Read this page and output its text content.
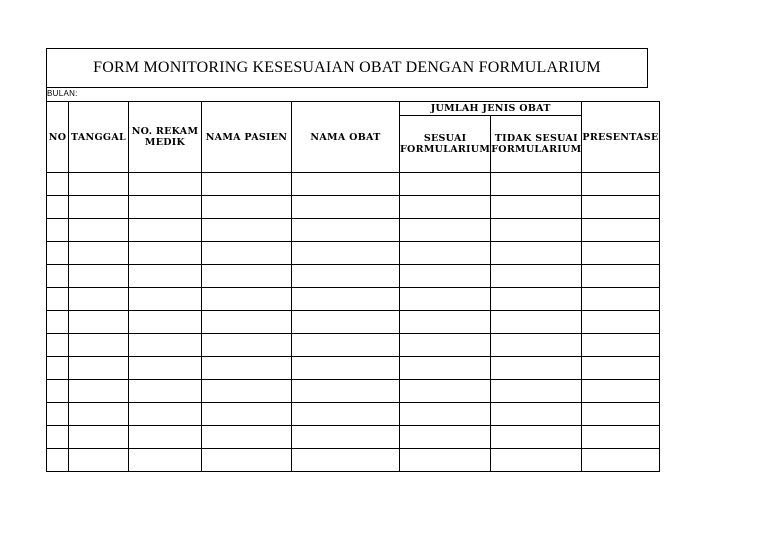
FORM MONITORING KESESUAIAN OBAT DENGAN FORMULARIUM
BULAN:
NO	TANGGAL	NO. REKAM MEDIK	NAMA PASIEN	NAMA OBAT	JUMLAH JENIS OBAT		PRESENTASE
					SESUAI FORMULARIUM	TIDAK SESUAI FORMULARIUM	
